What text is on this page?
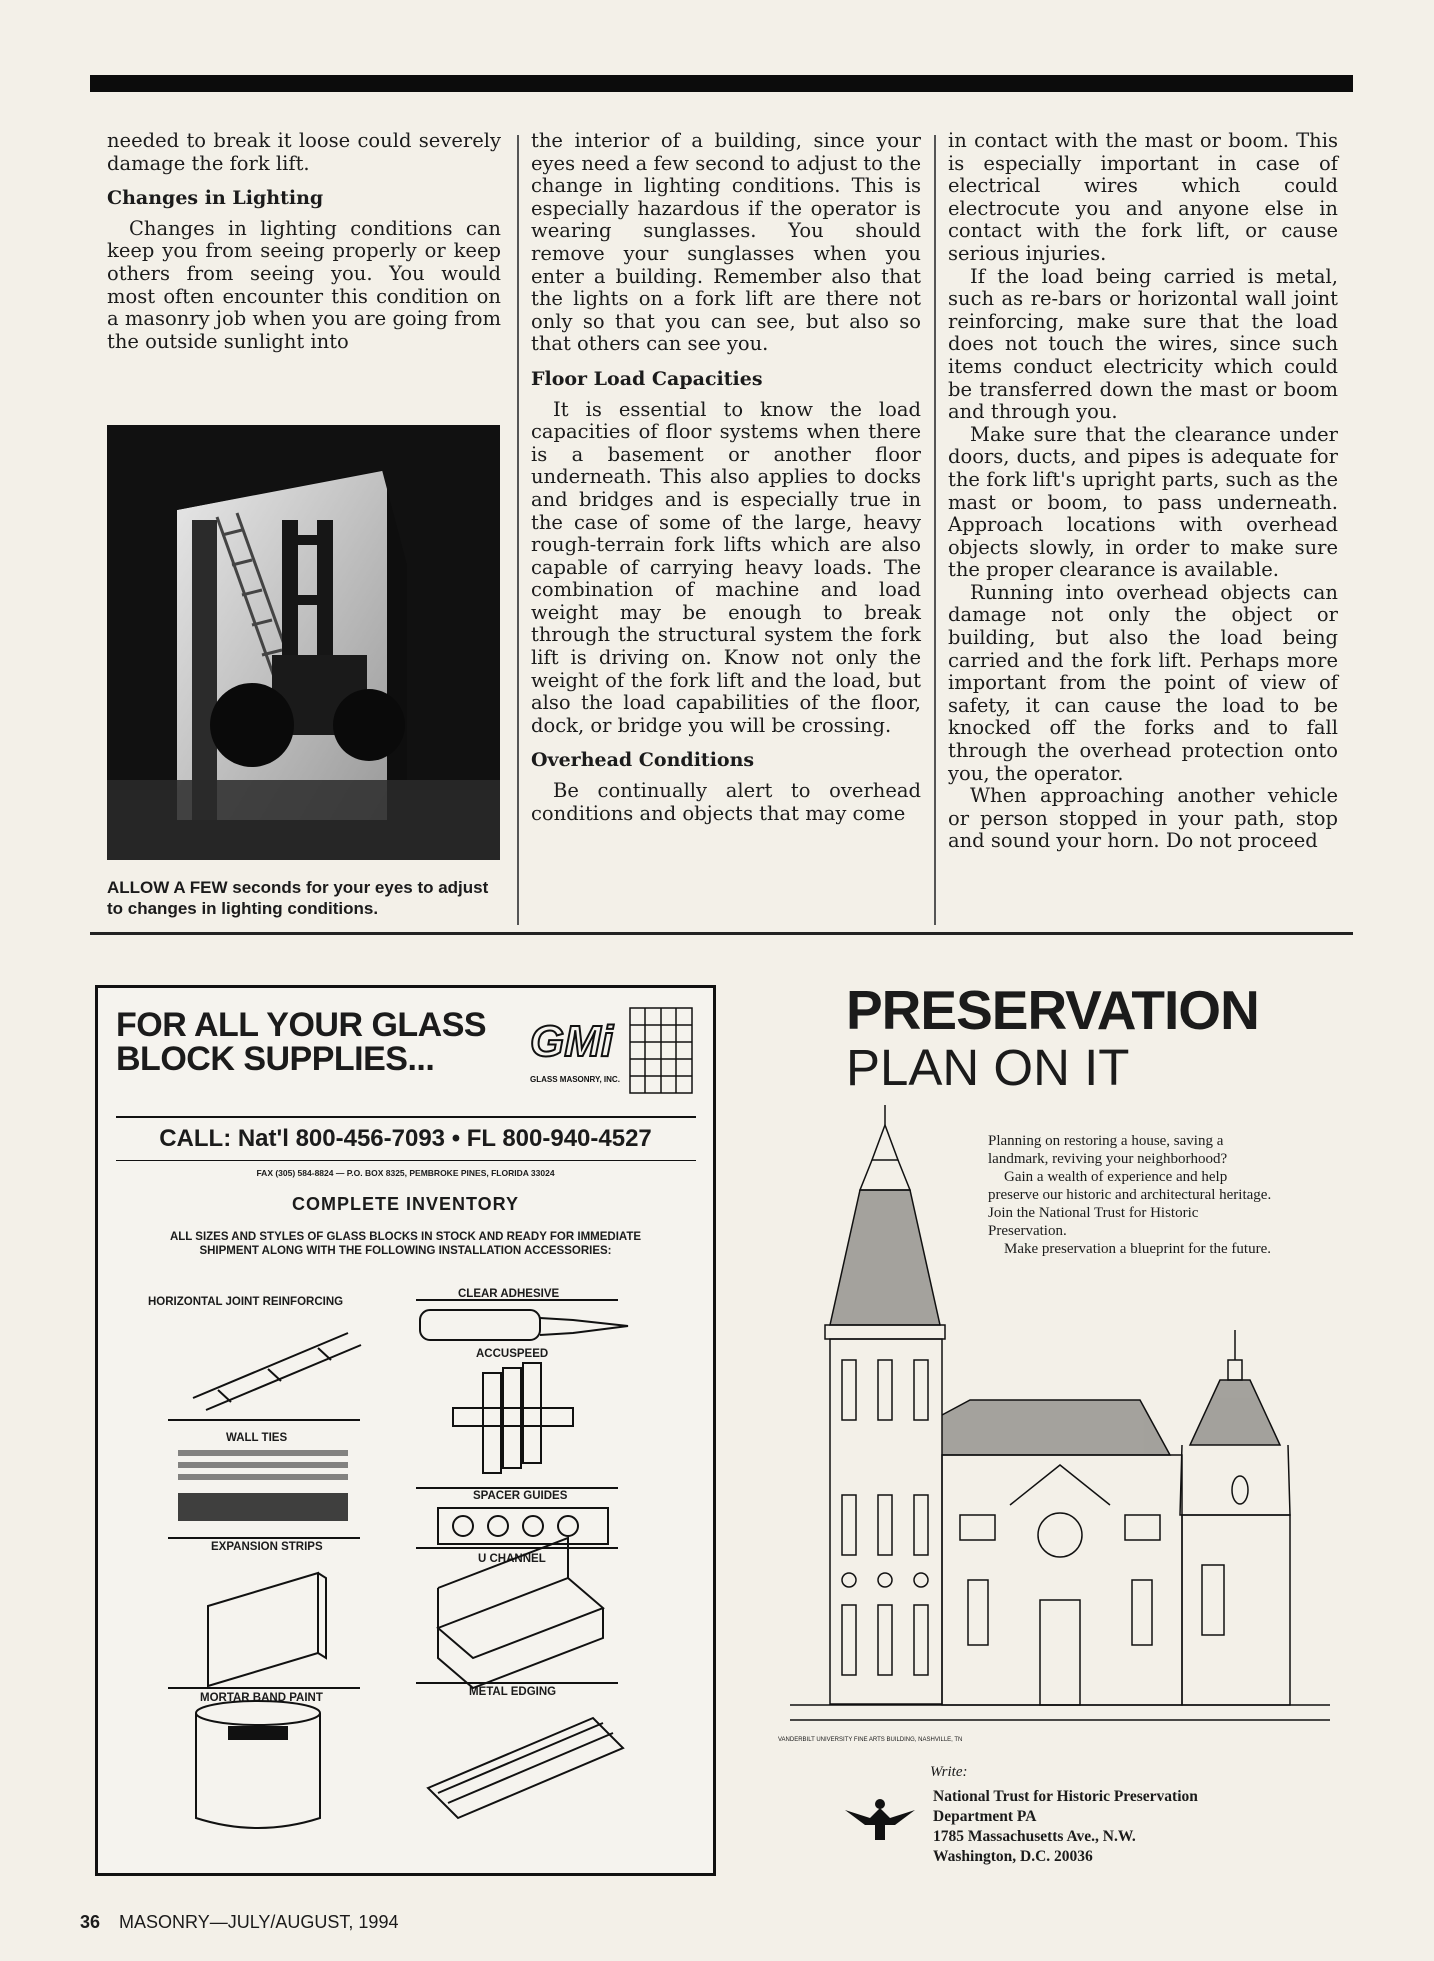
needed to break it loose could severely damage the fork lift.

Changes in Lighting

Changes in lighting conditions can keep you from seeing properly or keep others from seeing you. You would most often encounter this condition on a masonry job when you are going from the outside sunlight into

ALLOW A FEW seconds for your eyes to adjust to changes in lighting conditions.

the interior of a building, since your eyes need a few second to adjust to the change in lighting conditions. This is especially hazardous if the operator is wearing sunglasses. You should remove your sunglasses when you enter a building. Remember also that the lights on a fork lift are there not only so that you can see, but also so that others can see you.

Floor Load Capacities

It is essential to know the load capacities of floor systems when there is a basement or another floor underneath. This also applies to docks and bridges and is especially true in the case of some of the large, heavy rough-terrain fork lifts which are also capable of carrying heavy loads. The combination of machine and load weight may be enough to break through the structural system the fork lift is driving on. Know not only the weight of the fork lift and the load, but also the load capabilities of the floor, dock, or bridge you will be crossing.

Overhead Conditions

Be continually alert to overhead conditions and objects that may come

in contact with the mast or boom. This is especially important in case of electrical wires which could electrocute you and anyone else in contact with the fork lift, or cause serious injuries.

If the load being carried is metal, such as re-bars or horizontal wall joint reinforcing, make sure that the load does not touch the wires, since such items conduct electricity which could be transferred down the mast or boom and through you.

Make sure that the clearance under doors, ducts, and pipes is adequate for the fork lift's upright parts, such as the mast or boom, to pass underneath. Approach locations with overhead objects slowly, in order to make sure the proper clearance is available.

Running into overhead objects can damage not only the object or building, but also the load being carried and the fork lift. Perhaps more important from the point of view of safety, it can cause the load to be knocked off the forks and to fall through the overhead protection onto you, the operator.

When approaching another vehicle or person stopped in your path, stop and sound your horn. Do not proceed

FOR ALL YOUR GLASS
BLOCK SUPPLIES...	GMi
GLASS MASONRY, INC.
CALL: Nat'l 800-456-7093 • FL 800-940-4527
FAX (305) 584-8824 — P.O. BOX 8325, PEMBROKE PINES, FLORIDA 33024
COMPLETE INVENTORY
ALL SIZES AND STYLES OF GLASS BLOCKS IN STOCK AND READY FOR IMMEDIATE SHIPMENT ALONG WITH THE FOLLOWING INSTALLATION ACCESSORIES:
HORIZONTAL JOINT REINFORCING
CLEAR ADHESIVE
ACCUSPEED
WALL TIES
SPACER GUIDES
EXPANSION STRIPS
U CHANNEL
MORTAR BAND PAINT	METAL EDGING
PRESERVATION
PLAN ON IT

Planning on restoring a house, saving a landmark, reviving your neighborhood?

Gain a wealth of experience and help preserve our historic and architectural heritage. Join the National Trust for Historic Preservation.

Make preservation a blueprint for the future.

VANDERBILT UNIVERSITY FINE ARTS BUILDING, NASHVILLE, TN
Write:
National Trust for Historic Preservation
Department PA
1785 Massachusetts Ave., N.W.
Washington, D.C. 20036
36 MASONRY—JULY/AUGUST, 1994
